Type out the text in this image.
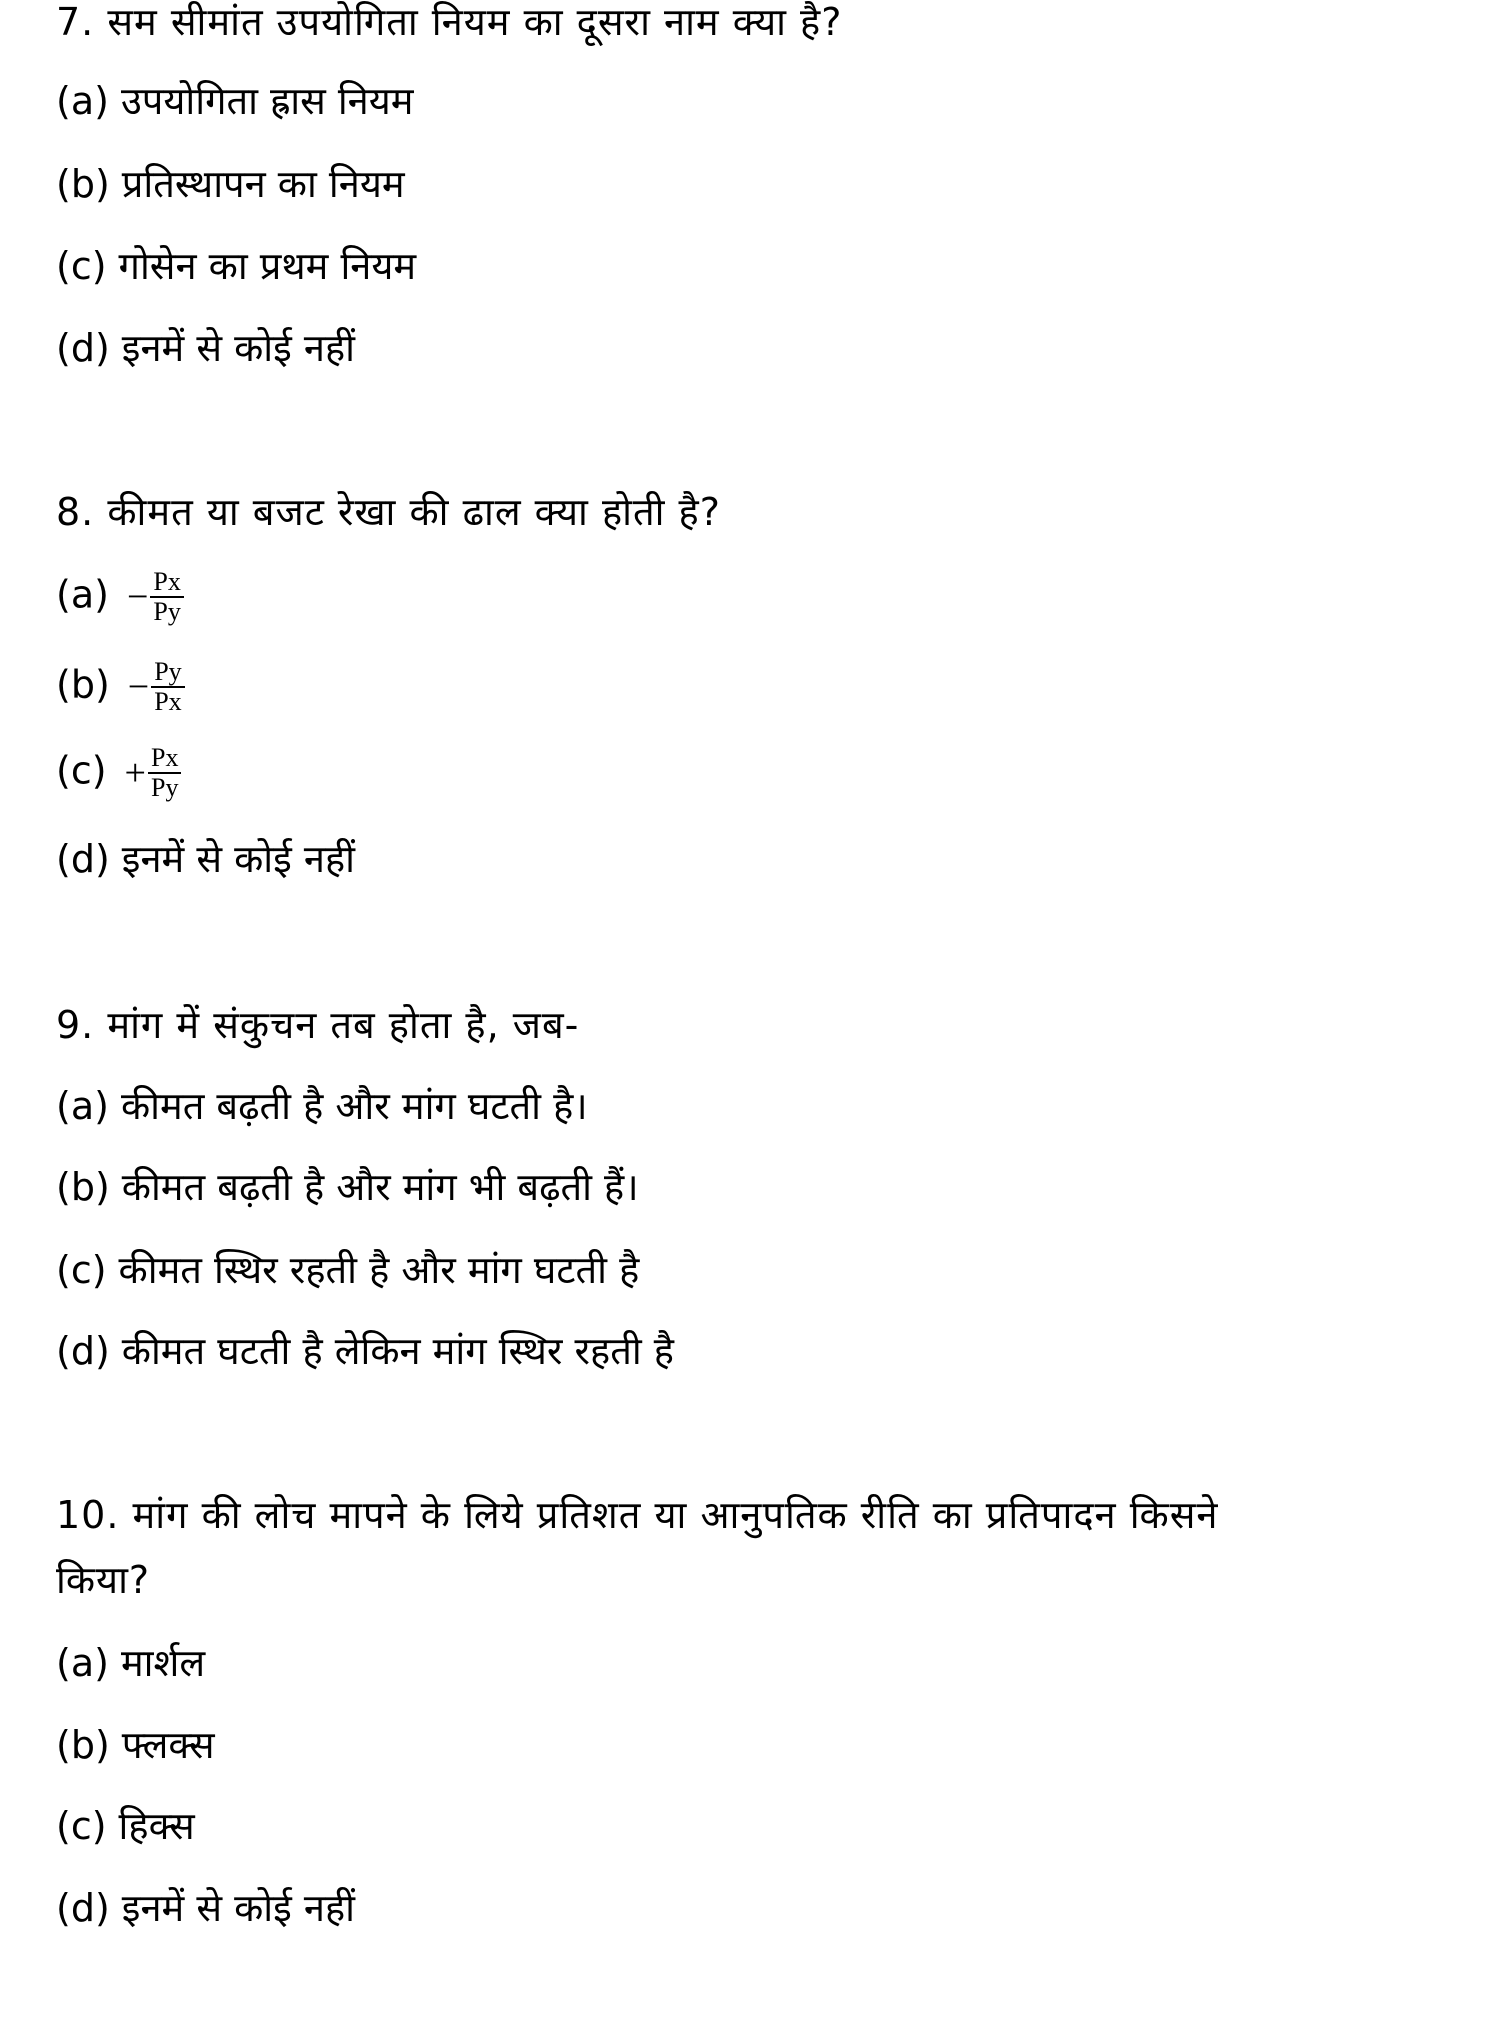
7. सम सीमांत उपयोगिता नियम का दूसरा नाम क्या है?
(a) उपयोगिता ह्रास नियम
(b) प्रतिस्थापन का नियम
(c) गोसेन का प्रथम नियम
(d) इनमें से कोई नहीं
8. कीमत या बजट रेखा की ढाल क्या होती है?
$(a) - \frac{Px}{Py}$
$(b) - \frac{Py}{Px}$
$(c) + \frac{Px}{Py}$
(d) इनमें से कोई नहीं
9. मांग में संकुचन तब होता है, जब-
(a) कीमत बढ़ती है और मांग घटती है।
(b) कीमत बढ़ती है और मांग भी बढ़ती हैं।
(c) कीमत स्थिर रहती है और मांग घटती है
(d) कीमत घटती है लेकिन मांग स्थिर रहती है
10. मांग की लोच मापने के लिये प्रतिशत या आनुपतिक रीति का प्रतिपादन किसने
किया?
(a) मार्शल
(b) फ्लक्स
(c) हिक्स
(d) इनमें से कोई नहीं
